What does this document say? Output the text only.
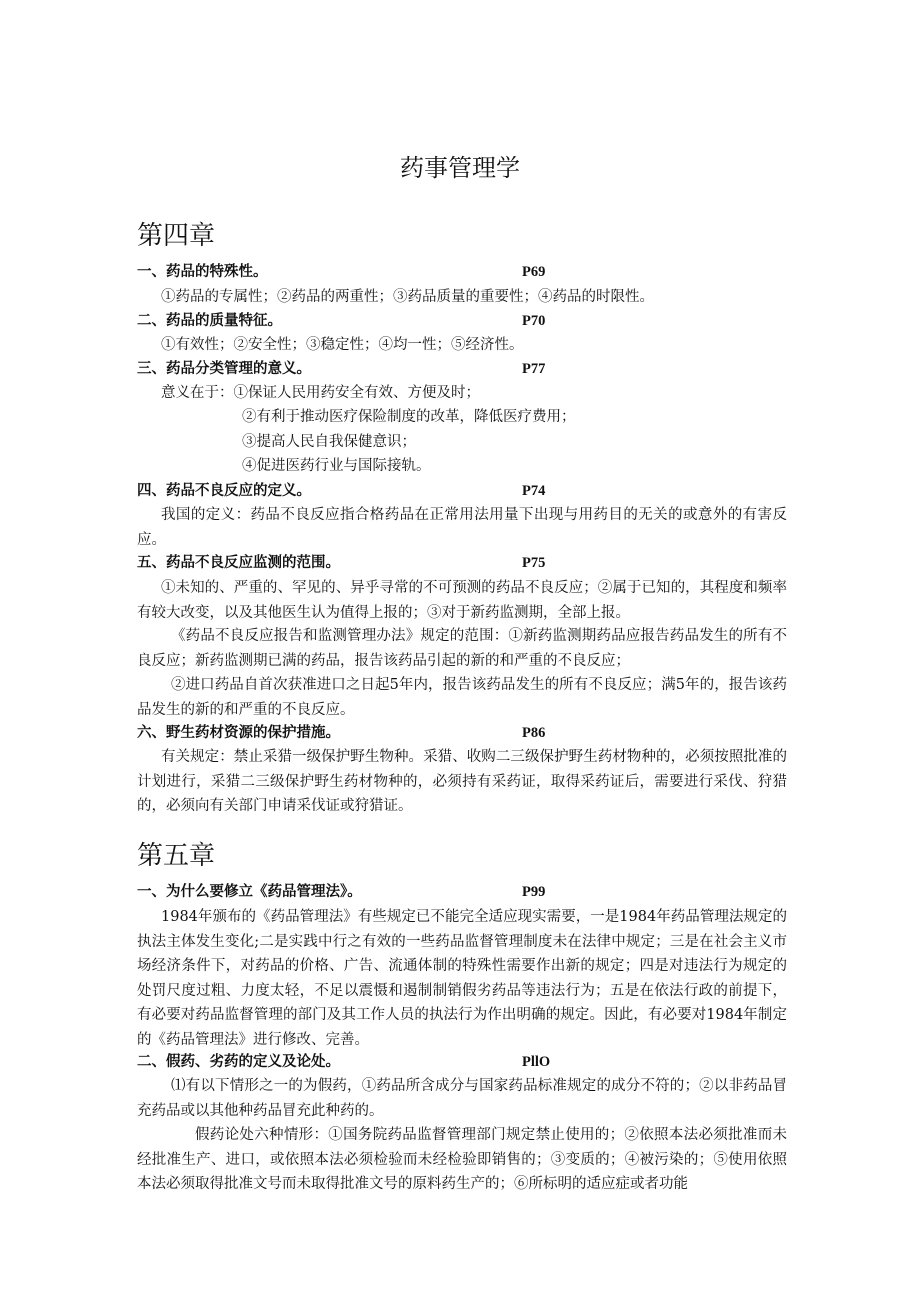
药事管理学
第四章
一、药品的特殊性。	P69
①药品的专属性；②药品的两重性；③药品质量的重要性；④药品的时限性。
二、药品的质量特征。	P70
①有效性；②安全性；③稳定性；④均一性；⑤经济性。
三、药品分类管理的意义。	P77
意义在于：①保证人民用药安全有效、方便及时；
②有利于推动医疗保险制度的改革，降低医疗费用；
③提高人民自我保健意识；
④促进医药行业与国际接轨。
四、药品不良反应的定义。	P74
我国的定义：药品不良反应指合格药品在正常用法用量下出现与用药目的无关的或意外的有害反应。
五、药品不良反应监测的范围。	P75
①未知的、严重的、罕见的、异乎寻常的不可预测的药品不良反应；②属于已知的，其程度和频率有较大改变，以及其他医生认为值得上报的；③对于新药监测期，全部上报。
《药品不良反应报告和监测管理办法》规定的范围：①新药监测期药品应报告药品发生的所有不良反应；新药监测期已满的药品，报告该药品引起的新的和严重的不良反应；
②进口药品自首次获准进口之日起5年内，报告该药品发生的所有不良反应；满5年的，报告该药品发生的新的和严重的不良反应。
六、野生药材资源的保护措施。	P86
有关规定：禁止采猎一级保护野生物种。采猎、收购二三级保护野生药材物种的，必须按照批准的计划进行，采猎二三级保护野生药材物种的，必须持有采药证，取得采药证后，需要进行采伐、狩猎的，必须向有关部门申请采伐证或狩猎证。
第五章
一、为什么要修立《药品管理法》。	P99
1984年颁布的《药品管理法》有些规定已不能完全适应现实需要，一是1984年药品管理法规定的执法主体发生变化;二是实践中行之有效的一些药品监督管理制度未在法律中规定；三是在社会主义市场经济条件下，对药品的价格、广告、流通体制的特殊性需要作出新的规定；四是对违法行为规定的处罚尺度过粗、力度太轻，不足以震慑和遏制制销假劣药品等违法行为；五是在依法行政的前提下，有必要对药品监督管理的部门及其工作人员的执法行为作出明确的规定。因此，有必要对1984年制定的《药品管理法》进行修改、完善。
二、假药、劣药的定义及论处。	PllO
⑴有以下情形之一的为假药，①药品所含成分与国家药品标准规定的成分不符的；②以非药品冒充药品或以其他种药品冒充此种药的。
假药论处六种情形：①国务院药品监督管理部门规定禁止使用的；②依照本法必须批准而未经批准生产、进口，或依照本法必须检验而未经检验即销售的；③变质的；④被污染的；⑤使用依照本法必须取得批准文号而未取得批准文号的原料药生产的；⑥所标明的适应症或者功能
